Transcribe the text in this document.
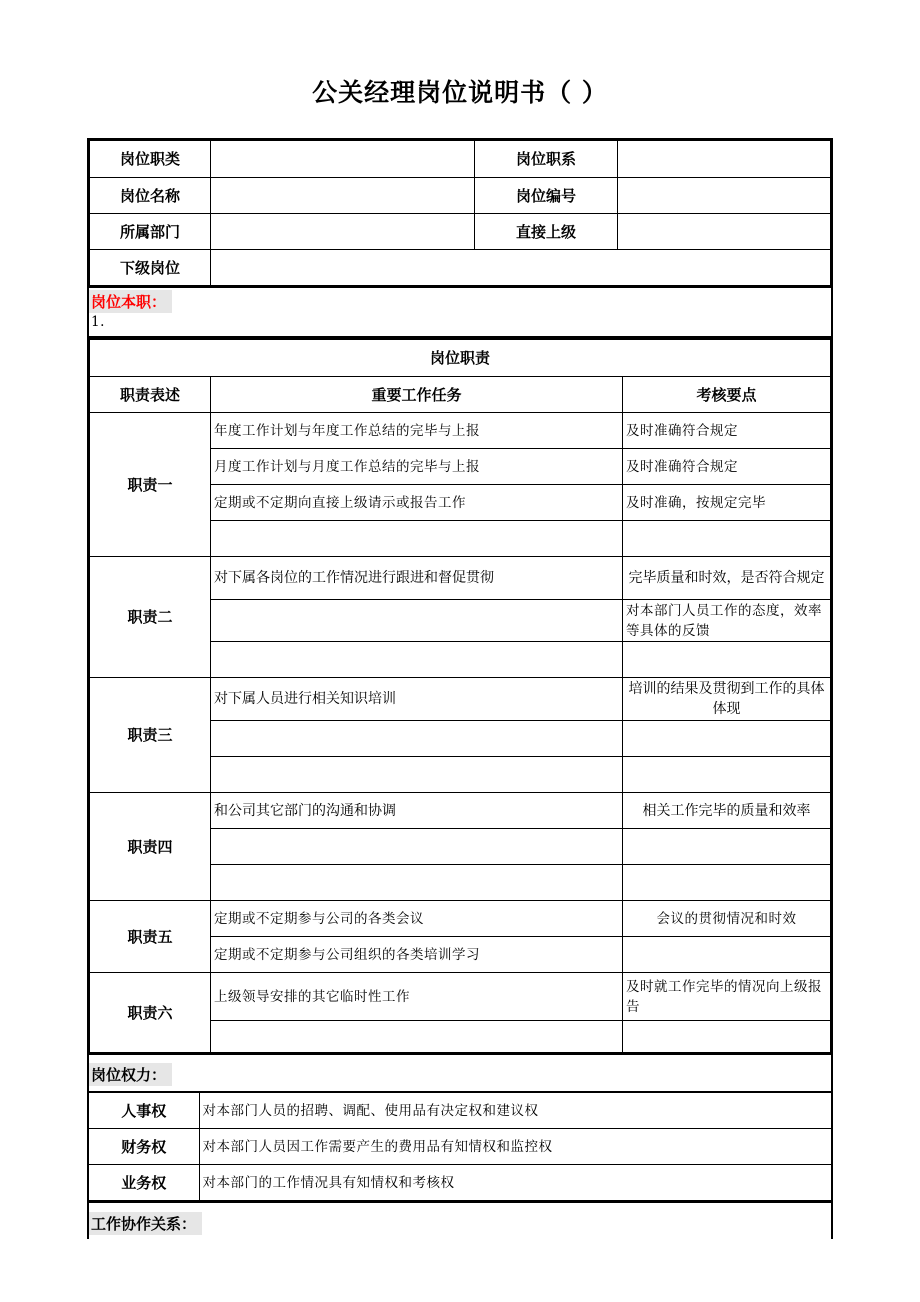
公关经理岗位说明书（ ）
岗位职类		岗位职系	
岗位名称		岗位编号	
所属部门		直接上级	
下级岗位			
岗位本职：
1.
岗位职责		
职责表述	重要工作任务	考核要点
职责一	年度工作计划与年度工作总结的完毕与上报	及时准确符合规定
	月度工作计划与月度工作总结的完毕与上报	及时准确符合规定
	定期或不定期向直接上级请示或报告工作	及时准确，按规定完毕

职责二	对下属各岗位的工作情况进行跟进和督促贯彻	完毕质量和时效，是否符合规定
		对本部门人员工作的态度，效率等具体的反馈

职责三	对下属人员进行相关知识培训	培训的结果及贯彻到工作的具体体现

职责四	和公司其它部门的沟通和协调	相关工作完毕的质量和效率

职责五	定期或不定期参与公司的各类会议	会议的贯彻情况和时效
	定期或不定期参与公司组织的各类培训学习	
职责六	上级领导安排的其它临时性工作	及时就工作完毕的情况向上级报告

岗位权力：
人事权	对本部门人员的招聘、调配、使用品有决定权和建议权
财务权	对本部门人员因工作需要产生的费用品有知情权和监控权
业务权	对本部门的工作情况具有知情权和考核权
工作协作关系：
